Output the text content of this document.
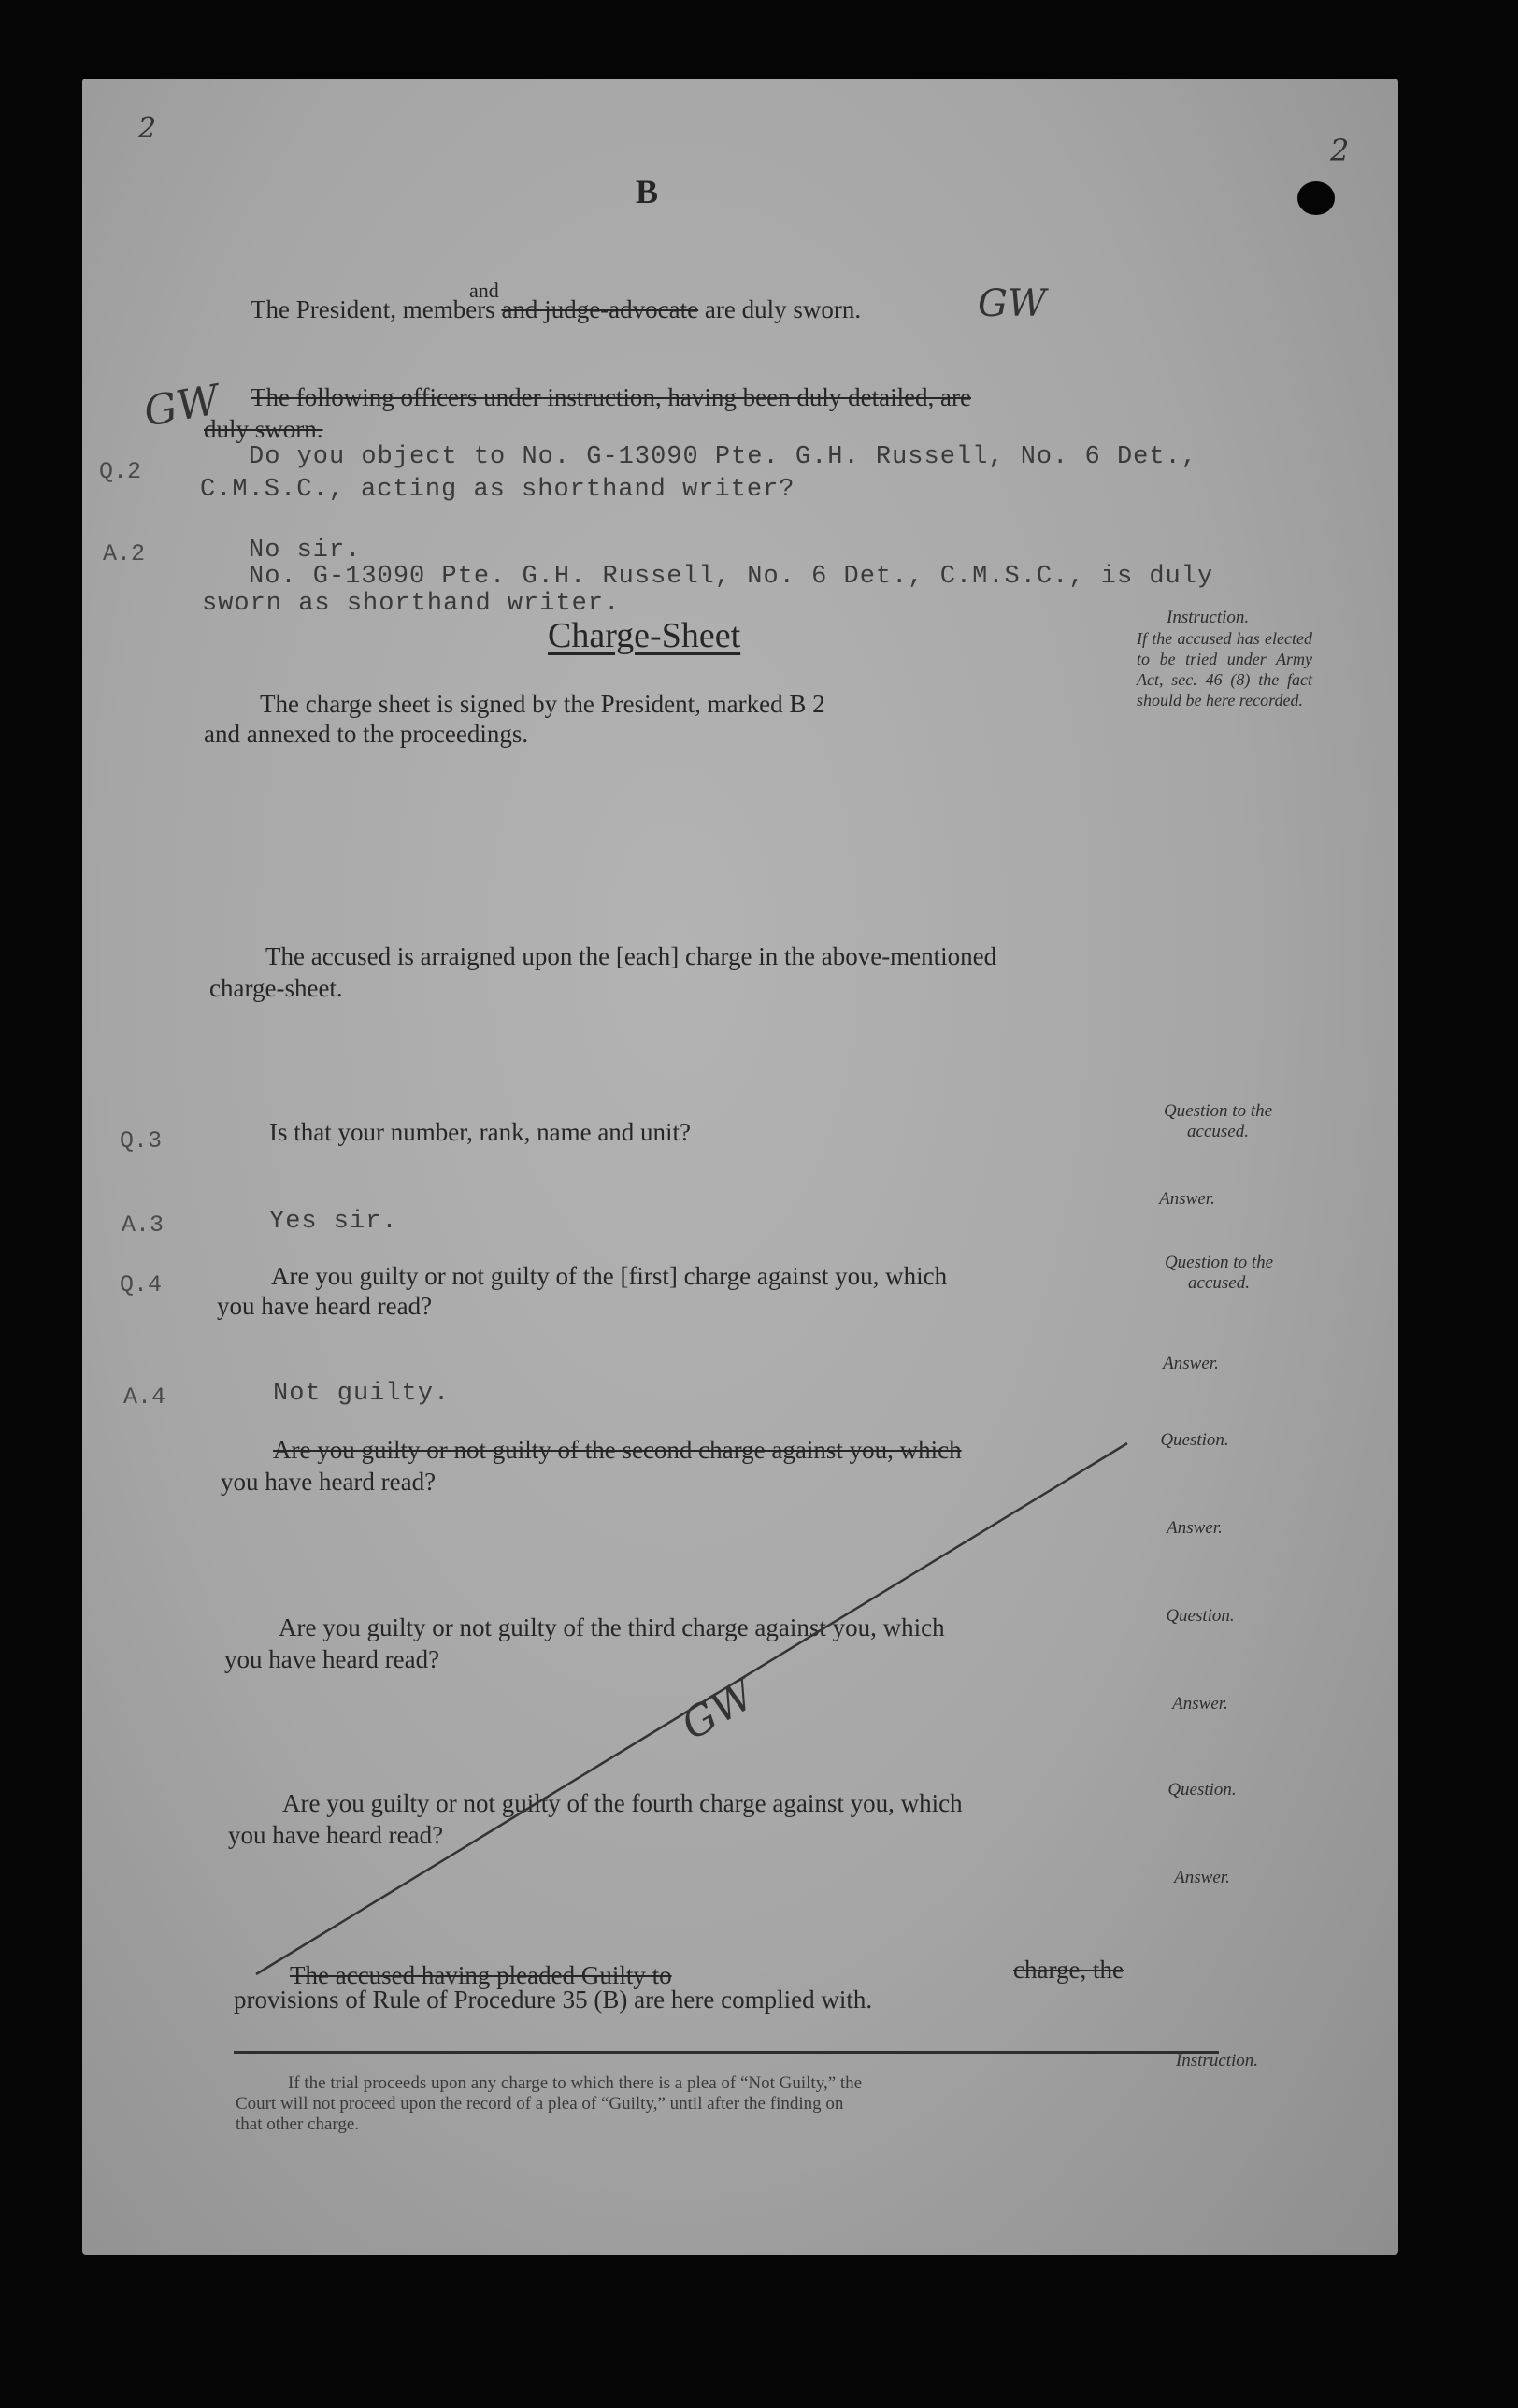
2
2
B
and
The President, members and judge-advocate are duly sworn.	GW
GW The following officers under instruction, having been duly detailed, are
duly sworn.
Q.2
Do you object to No. G-13090 Pte. G.H. Russell, No. 6 Det.,
C.M.S.C., acting as shorthand writer?
A.2	No sir.
No. G-13090 Pte. G.H. Russell, No. 6 Det., C.M.S.C., is duly
sworn as shorthand writer.
Charge-Sheet
The charge sheet is signed by the President, marked B 2
and annexed to the proceedings.
Instruction.
If the accused has elected to be tried under Army Act, sec. 46 (8) the fact should be here recorded.
The accused is arraigned upon the [each] charge in the above-mentioned
charge-sheet.
Q.3	Is that your number, rank, name and unit?
Question to the accused.
Answer.
A.3	Yes sir.
Q.4	Are you guilty or not guilty of the [first] charge against you, which
you have heard read?
Question to the accused.
Answer.
A.4	Not guilty.
Are you guilty or not guilty of the second charge against you, which
you have heard read?
Question.
Answer.
Are you guilty or not guilty of the third charge against you, which
you have heard read?
Question.
Answer.
Are you guilty or not guilty of the fourth charge against you, which
you have heard read?
Question.
Answer.
The accused having pleaded Guilty to	charge, the
provisions of Rule of Procedure 35 (B) are here complied with.
If the trial proceeds upon any charge to which there is a plea of “Not Guilty,” the
Court will not proceed upon the record of a plea of “Guilty,” until after the finding on
that other charge.
Instruction.
GW
